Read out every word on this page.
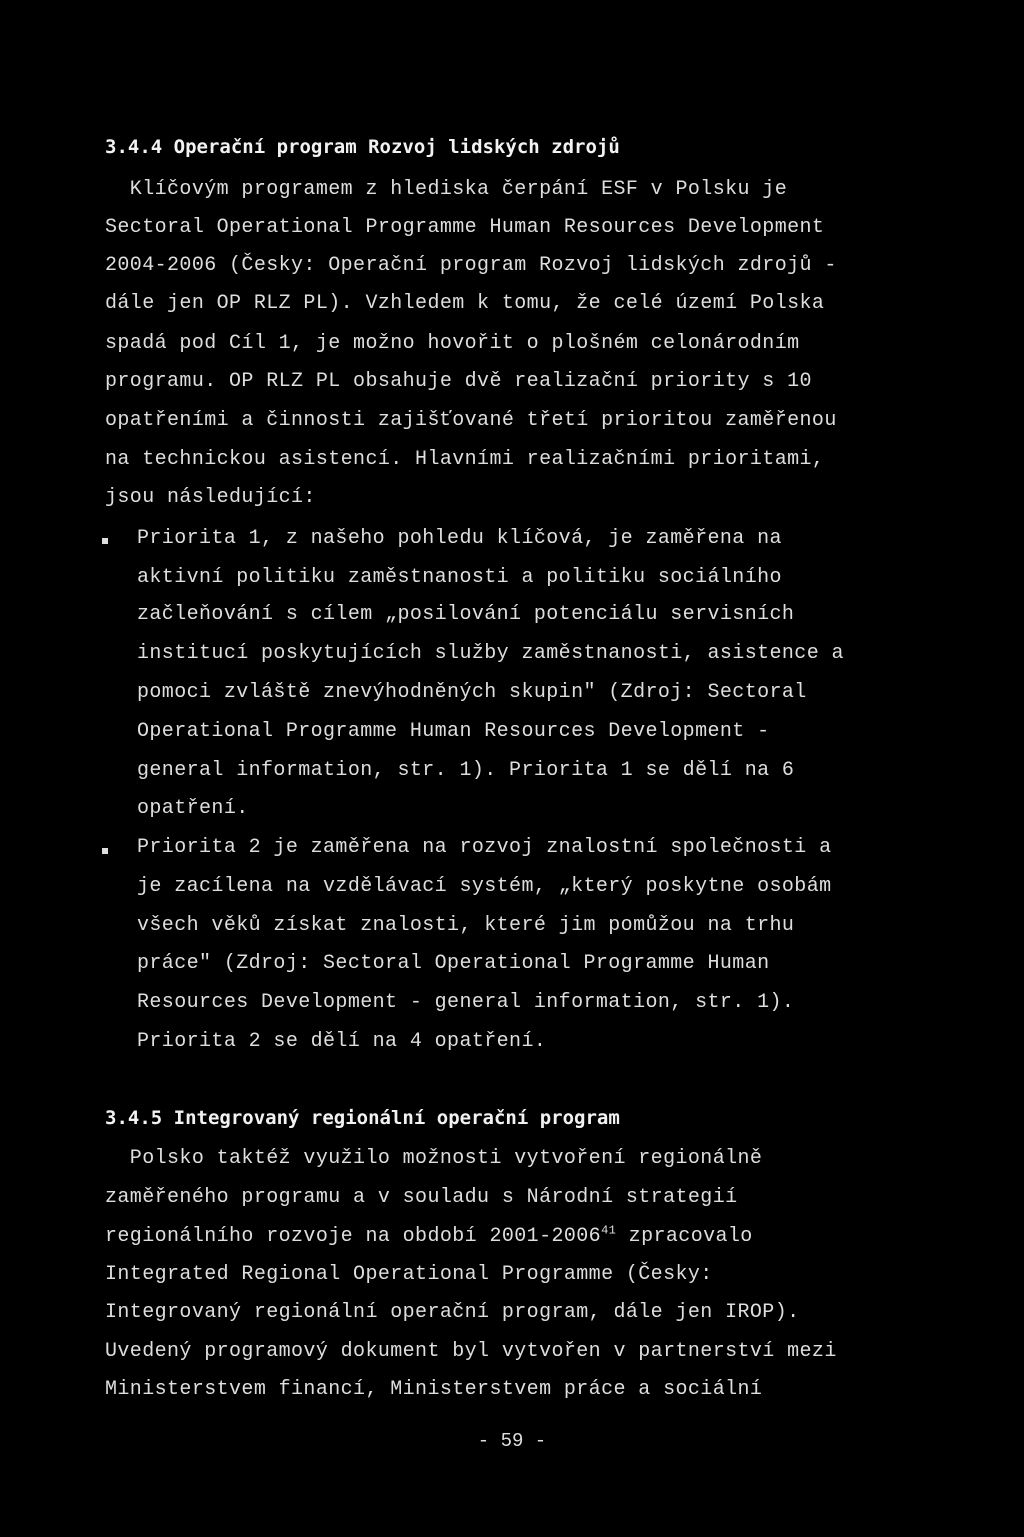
3.4.4 Operační program Rozvoj lidských zdrojů
Klíčovým programem z hlediska čerpání ESF v Polsku je
Sectoral Operational Programme Human Resources Development
2004-2006 (Česky: Operační program Rozvoj lidských zdrojů -
dále jen OP RLZ PL). Vzhledem k tomu, že celé území Polska
spadá pod Cíl 1, je možno hovořit o plošném celonárodním
programu. OP RLZ PL obsahuje dvě realizační priority s 10
opatřeními a činnosti zajišťované třetí prioritou zaměřenou
na technickou asistencí. Hlavními realizačními prioritami,
jsou následující:
Priorita 1, z našeho pohledu klíčová, je zaměřena na
aktivní politiku zaměstnanosti a politiku sociálního
začleňování s cílem „posilování potenciálu servisních
institucí poskytujících služby zaměstnanosti, asistence a
pomoci zvláště znevýhodněných skupin" (Zdroj: Sectoral
Operational Programme Human Resources Development -
general information, str. 1). Priorita 1 se dělí na 6
opatření.
Priorita 2 je zaměřena na rozvoj znalostní společnosti a
je zacílena na vzdělávací systém, „který poskytne osobám
všech věků získat znalosti, které jim pomůžou na trhu
práce" (Zdroj: Sectoral Operational Programme Human
Resources Development - general information, str. 1).
Priorita 2 se dělí na 4 opatření.
3.4.5 Integrovaný regionální operační program
Polsko taktéž využilo možnosti vytvoření regionálně
zaměřeného programu a v souladu s Národní strategií
regionálního rozvoje na období 2001-2006$^{41}$ zpracovalo
Integrated Regional Operational Programme (Česky:
Integrovaný regionální operační program, dále jen IROP).
Uvedený programový dokument byl vytvořen v partnerství mezi
Ministerstvem financí, Ministerstvem práce a sociální
- 59 -
